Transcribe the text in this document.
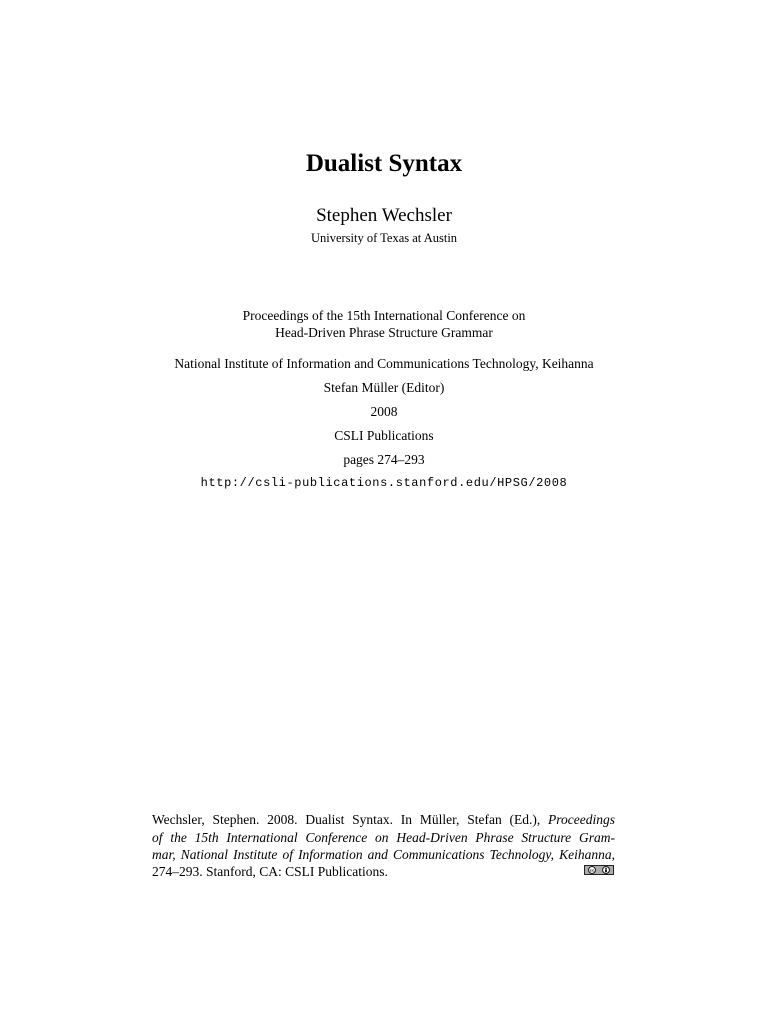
Dualist Syntax
Stephen Wechsler
University of Texas at Austin
Proceedings of the 15th International Conference on
Head-Driven Phrase Structure Grammar
National Institute of Information and Communications Technology, Keihanna
Stefan Müller (Editor)
2008
CSLI Publications
pages 274–293
http://csli-publications.stanford.edu/HPSG/2008
Wechsler, Stephen. 2008. Dualist Syntax. In Müller, Stefan (Ed.), Proceedings
of the 15th International Conference on Head-Driven Phrase Structure Gram-
mar, National Institute of Information and Communications Technology, Keihanna,
274–293. Stanford, CA: CSLI Publications.	cc
